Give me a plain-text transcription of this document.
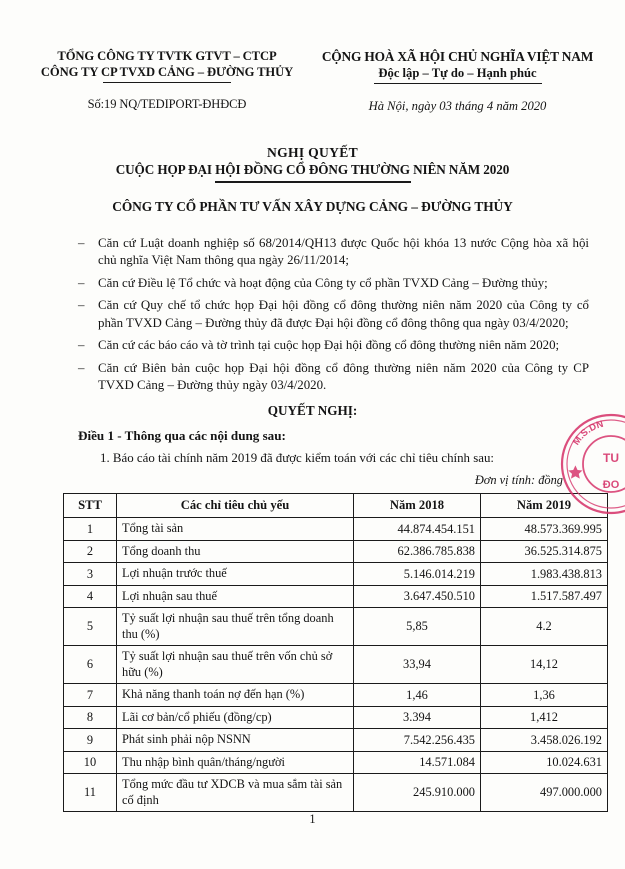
TỔNG CÔNG TY TVTK GTVT – CTCP
CÔNG TY CP TVXD CẢNG – ĐƯỜNG THỦY
Số:19 NQ/TEDIPORT-ĐHĐCĐ
CỘNG HOÀ XÃ HỘI CHỦ NGHĨA VIỆT NAM
Độc lập – Tự do – Hạnh phúc
Hà Nội, ngày 03 tháng 4 năm 2020
NGHỊ QUYẾT
CUỘC HỌP ĐẠI HỘI ĐỒNG CỔ ĐÔNG THƯỜNG NIÊN NĂM 2020
CÔNG TY CỔ PHẦN TƯ VẤN XÂY DỰNG CẢNG – ĐƯỜNG THỦY
–	Căn cứ Luật doanh nghiệp số 68/2014/QH13 được Quốc hội khóa 13 nước Cộng hòa xã hội chủ nghĩa Việt Nam thông qua ngày 26/11/2014;
–	Căn cứ Điều lệ Tổ chức và hoạt động của Công ty cổ phần TVXD Cảng – Đường thủy;
–	Căn cứ Quy chế tổ chức họp Đại hội đồng cổ đông thường niên năm 2020 của Công ty cổ phần TVXD Cảng – Đường thủy đã được Đại hội đồng cổ đông thông qua ngày 03/4/2020;
–	Căn cứ các báo cáo và tờ trình tại cuộc họp Đại hội đồng cổ đông thường niên năm 2020;
–	Căn cứ Biên bản cuộc họp Đại hội đồng cổ đông thường niên năm 2020 của Công ty CP TVXD Cảng – Đường thủy ngày 03/4/2020.
QUYẾT NGHỊ:
Điều 1 - Thông qua các nội dung sau:
1. Báo cáo tài chính năm 2019 đã được kiểm toán với các chỉ tiêu chính sau:
Đơn vị tính: đồng
STT	Các chỉ tiêu chủ yếu	Năm 2018	Năm 2019
1	Tổng tài sản	44.874.454.151	48.573.369.995
2	Tổng doanh thu	62.386.785.838	36.525.314.875
3	Lợi nhuận trước thuế	5.146.014.219	1.983.438.813
4	Lợi nhuận sau thuế	3.647.450.510	1.517.587.497
5	Tỷ suất lợi nhuận sau thuế trên tổng doanh thu (%)	5,85	4.2
6	Tỷ suất lợi nhuận sau thuế trên vốn chủ sở hữu (%)	33,94	14,12
7	Khả năng thanh toán nợ đến hạn (%)	1,46	1,36
8	Lãi cơ bản/cổ phiếu (đồng/cp)	3.394	1,412
9	Phát sinh phải nộp NSNN	7.542.256.435	3.458.026.192
10	Thu nhập bình quân/tháng/người	14.571.084	10.024.631
11	Tổng mức đầu tư XDCB và mua sắm tài sản cố định	245.910.000	497.000.000
M.S.DN
TU
ĐO
1
